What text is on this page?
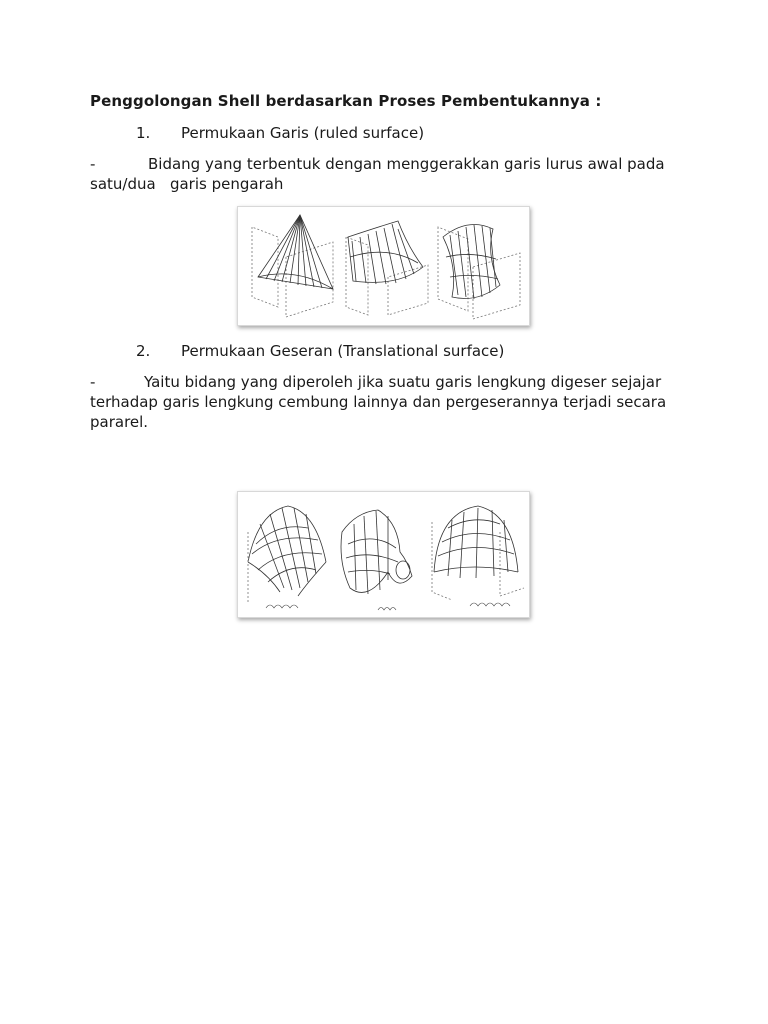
Penggolongan Shell berdasarkan Proses Pembentukannya :
1. Permukaan Garis (ruled surface)
-	Bidang yang terbentuk dengan menggerakkan garis lurus awal pada
satu/dua   garis pengarah
2. Permukaan Geseran (Translational surface)
-	Yaitu bidang yang diperoleh jika suatu garis lengkung digeser sejajar
terhadap garis lengkung cembung lainnya dan pergeserannya terjadi secara
pararel.
